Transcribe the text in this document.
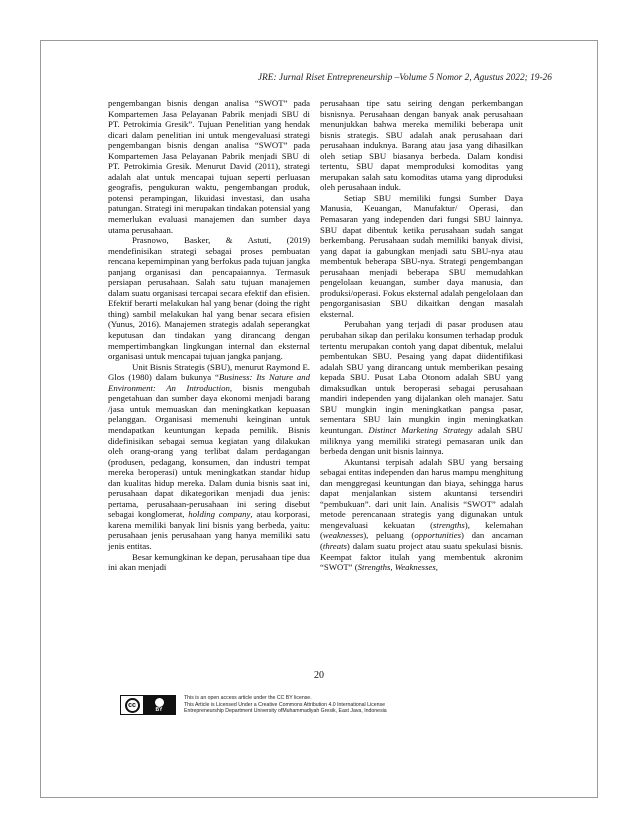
JRE: Jurnal Riset Entrepreneurship –Volume 5 Nomor 2, Agustus 2022; 19-26

pengembangan bisnis dengan analisa “SWOT” pada Kompartemen Jasa Pelayanan Pabrik menjadi SBU di PT. Petrokimia Gresik”. Tujuan Penelitian yang hendak dicari dalam penelitian ini untuk mengevaluasi strategi pengembangan bisnis dengan analisa “SWOT” pada Kompartemen Jasa Pelayanan Pabrik menjadi SBU di PT. Petrokimia Gresik. Menurut David (2011), strategi adalah alat untuk mencapai tujuan seperti perluasan geografis, pengukuran waktu, pengembangan produk, potensi perampingan, likuidasi investasi, dan usaha patungan. Strategi ini merupakan tindakan potensial yang memerlukan evaluasi manajemen dan sumber daya utama perusahaan.

Prasnowo, Basker, & Astuti, (2019) mendefinisikan strategi sebagai proses pembuatan rencana kepemimpinan yang berfokus pada tujuan jangka panjang organisasi dan pencapaiannya. Termasuk persiapan perusahaan. Salah satu tujuan manajemen dalam suatu organisasi tercapai secara efektif dan efisien. Efektif berarti melakukan hal yang benar (doing the right thing) sambil melakukan hal yang benar secara efisien (Yunus, 2016). Manajemen strategis adalah seperangkat keputusan dan tindakan yang dirancang dengan mempertimbangkan lingkungan internal dan eksternal organisasi untuk mencapai tujuan jangka panjang.

Unit Bisnis Strategis (SBU), menurut Raymond E. Glos (1980) dalam bukunya “Business: Its Nature and Environment: An Introduction, bisnis mengubah pengetahuan dan sumber daya ekonomi menjadi barang /jasa untuk memuaskan dan meningkatkan kepuasan pelanggan. Organisasi memenuhi keinginan untuk mendapatkan keuntungan kepada pemilik. Bisnis didefinisikan sebagai semua kegiatan yang dilakukan oleh orang-orang yang terlibat dalam perdagangan (produsen, pedagang, konsumen, dan industri tempat mereka beroperasi) untuk meningkatkan standar hidup dan kualitas hidup mereka. Dalam dunia bisnis saat ini, perusahaan dapat dikategorikan menjadi dua jenis: pertama, perusahaan-perusahaan ini sering disebut sebagai konglomerat, holding company, atau korporasi, karena memiliki banyak lini bisnis yang berbeda, yaitu: perusahaan jenis perusahaan yang hanya memiliki satu jenis entitas.

Besar kemungkinan ke depan, perusahaan tipe dua ini akan menjadi

perusahaan tipe satu seiring dengan perkembangan bisnisnya. Perusahaan dengan banyak anak perusahaan menunjukkan bahwa mereka memiliki beberapa unit bisnis strategis. SBU adalah anak perusahaan dari perusahaan induknya. Barang atau jasa yang dihasilkan oleh setiap SBU biasanya berbeda. Dalam kondisi tertentu, SBU dapat memproduksi komoditas yang merupakan salah satu komoditas utama yang diproduksi oleh perusahaan induk.

Setiap SBU memiliki fungsi Sumber Daya Manusia, Keuangan, Manufaktur/ Operasi, dan Pemasaran yang independen dari fungsi SBU lainnya. SBU dapat dibentuk ketika perusahaan sudah sangat berkembang. Perusahaan sudah memiliki banyak divisi, yang dapat ia gabungkan menjadi satu SBU-nya atau membentuk beberapa SBU-nya. Strategi pengembangan perusahaan menjadi beberapa SBU memudahkan pengelolaan keuangan, sumber daya manusia, dan produksi/operasi. Fokus eksternal adalah pengelolaan dan pengorganisasian SBU dikaitkan dengan masalah eksternal.

Perubahan yang terjadi di pasar produsen atau perubahan sikap dan perilaku konsumen terhadap produk tertentu merupakan contoh yang dapat dibentuk, melalui pembentukan SBU. Pesaing yang dapat diidentifikasi adalah SBU yang dirancang untuk memberikan pesaing kepada SBU. Pusat Laba Otonom adalah SBU yang dimaksudkan untuk beroperasi sebagai perusahaan mandiri independen yang dijalankan oleh manajer. Satu SBU mungkin ingin meningkatkan pangsa pasar, sementara SBU lain mungkin ingin meningkatkan keuntungan. Distinct Marketing Strategy adalah SBU miliknya yang memiliki strategi pemasaran unik dan berbeda dengan unit bisnis lainnya.

Akuntansi terpisah adalah SBU yang bersaing sebagai entitas independen dan harus mampu menghitung dan menggregasi keuntungan dan biaya, sehingga harus dapat menjalankan sistem akuntansi tersendiri “pembukuan”. dari unit lain. Analisis “SWOT” adalah metode perencanaan strategis yang digunakan untuk mengevaluasi kekuatan (strengths), kelemahan (weaknesses), peluang (opportunities) dan ancaman (threats) dalam suatu project atau suatu spekulasi bisnis. Keempat faktor itulah yang membentuk akronim “SWOT” (Strengths, Weaknesses,

20
cc
BY
This is an open access article under the CC BY license.
This Article is Licensed Under a Creative Commons Attribution 4.0 International License
Entrepreneurship Department University ofMuhammadiyah Gresik, East Java, Indonesia
